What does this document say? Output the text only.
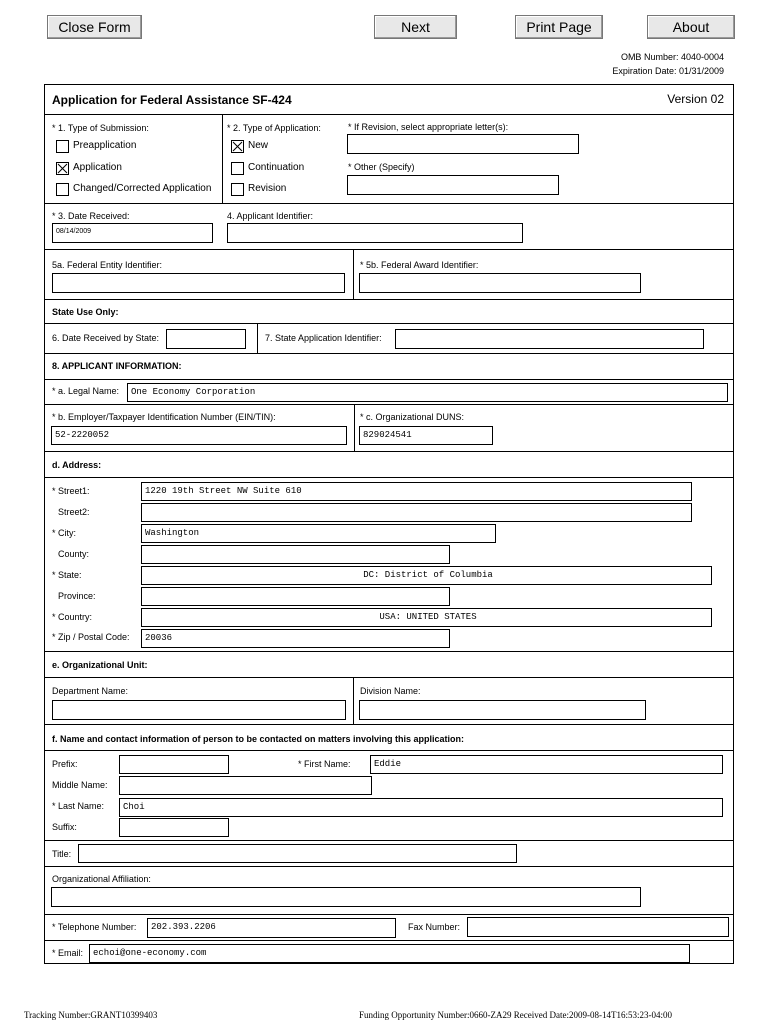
Close Form	Next	Print Page	About
OMB Number: 4040-0004
Expiration Date: 01/31/2009
Application for Federal Assistance SF-424	Version 02
* 1. Type of Submission:
Preapplication
Application
Changed/Corrected Application
* 2. Type of Application:
New
Continuation
Revision
* If Revision, select appropriate letter(s):
* Other (Specify)
* 3. Date Received:
08/14/2009
4. Applicant Identifier:
5a. Federal Entity Identifier:	* 5b. Federal Award Identifier:
State Use Only:
6. Date Received by State:	7. State Application Identifier:
8. APPLICANT INFORMATION:
* a. Legal Name:	One Economy Corporation
* b. Employer/Taxpayer Identification Number (EIN/TIN):
52-2220052
* c. Organizational DUNS:
829024541
d. Address:
* Street1:	1220 19th Street NW Suite 610
Street2:
* City:	Washington
County:
* State:	DC: District of Columbia
Province:
* Country:	USA: UNITED STATES
* Zip / Postal Code:	20036
e. Organizational Unit:
Department Name:	Division Name:
f. Name and contact information of person to be contacted on matters involving this application:
Prefix:	* First Name:	Eddie
Middle Name:
* Last Name:	Choi
Suffix:
Title:
Organizational Affiliation:
* Telephone Number:	202.393.2206	Fax Number:
* Email:	echoi@one-economy.com
Tracking Number:GRANT10399403	Funding Opportunity Number:0660-ZA29 Received Date:2009-08-14T16:53:23-04:00
